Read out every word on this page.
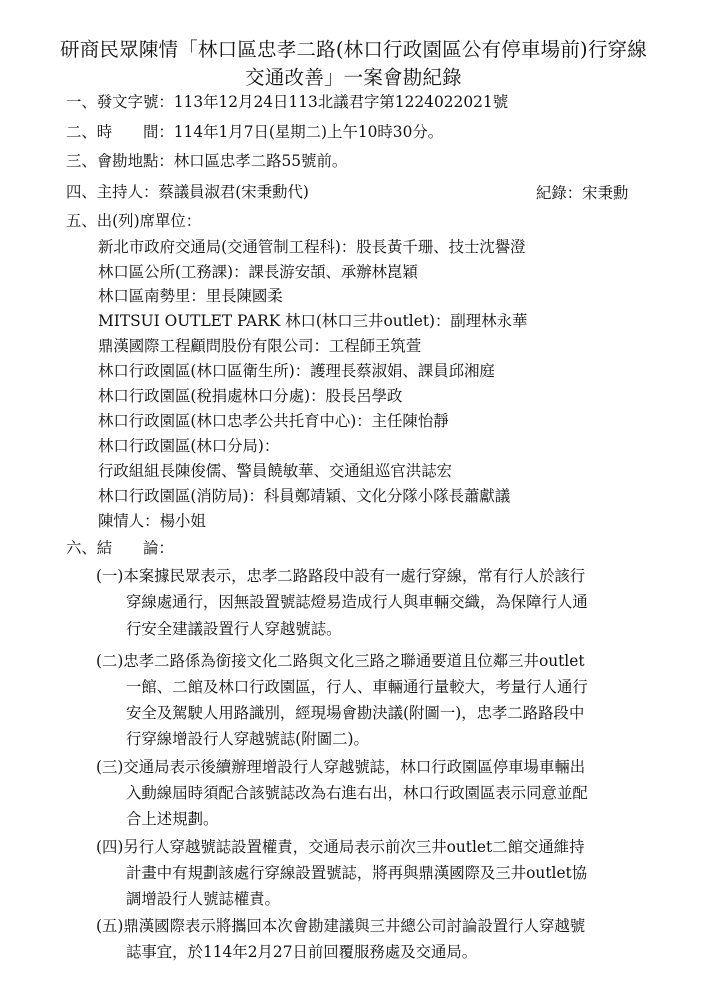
研商民眾陳情「林口區忠孝二路(林口行政園區公有停車場前)行穿線
交通改善」一案會勘紀錄
一、發文字號：113年12月24日113北議君字第1224022021號
二、時　　間：114年1月7日(星期二)上午10時30分。
三、會勘地點：林口區忠孝二路55號前。
四、主持人：蔡議員淑君(宋秉勳代)	紀錄：宋秉勳
五、出(列)席單位：
新北市政府交通局(交通管制工程科)：股長黃千珊、技士沈譽澄
林口區公所(工務課)：課長游安頡、承辦林崑穎
林口區南勢里：里長陳國柔
MITSUI OUTLET PARK 林口(林口三井outlet)：副理林永華
鼎漢國際工程顧問股份有限公司：工程師王筑萱
林口行政園區(林口區衛生所)：護理長蔡淑娟、課員邱湘庭
林口行政園區(稅捐處林口分處)：股長呂學政
林口行政園區(林口忠孝公共托育中心)：主任陳怡靜
林口行政園區(林口分局)：
行政組組長陳俊儒、警員饒敏華、交通組巡官洪誌宏
林口行政園區(消防局)：科員鄭靖穎、文化分隊小隊長蕭獻議
陳情人：楊小姐
六、結　　論：
(一)本案據民眾表示，忠孝二路路段中設有一處行穿線，常有行人於該行
穿線處通行，因無設置號誌燈易造成行人與車輛交織，為保障行人通
行安全建議設置行人穿越號誌。
(二)忠孝二路係為銜接文化二路與文化三路之聯通要道且位鄰三井outlet
一館、二館及林口行政園區，行人、車輛通行量較大，考量行人通行
安全及駕駛人用路識別，經現場會勘決議(附圖一)，忠孝二路路段中
行穿線增設行人穿越號誌(附圖二)。
(三)交通局表示後續辦理增設行人穿越號誌，林口行政園區停車場車輛出
入動線屆時須配合該號誌改為右進右出，林口行政園區表示同意並配
合上述規劃。
(四)另行人穿越號誌設置權責，交通局表示前次三井outlet二館交通維持
計畫中有規劃該處行穿線設置號誌，將再與鼎漢國際及三井outlet協
調增設行人號誌權責。
(五)鼎漢國際表示將攜回本次會勘建議與三井總公司討論設置行人穿越號
誌事宜，於114年2月27日前回覆服務處及交通局。
